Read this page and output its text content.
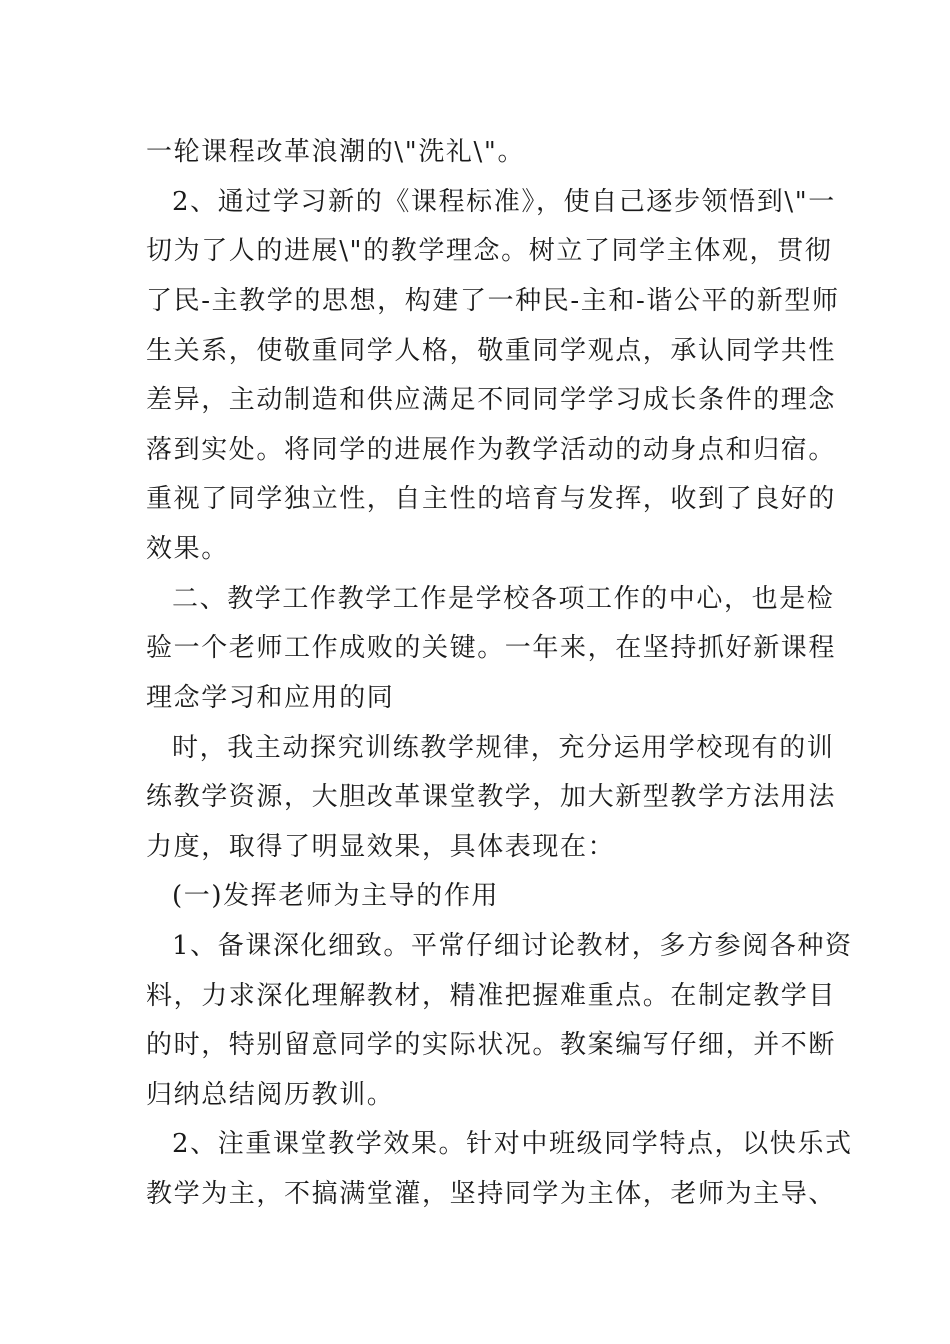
一轮课程改革浪潮的\"洗礼\"。
2、通过学习新的《课程标准》，使自己逐步领悟到\"一
切为了人的进展\"的教学理念。树立了同学主体观，贯彻
了民-主教学的思想，构建了一种民-主和-谐公平的新型师
生关系，使敬重同学人格，敬重同学观点，承认同学共性
差异，主动制造和供应满足不同同学学习成长条件的理念
落到实处。将同学的进展作为教学活动的动身点和归宿。
重视了同学独立性，自主性的培育与发挥，收到了良好的
效果。
二、教学工作教学工作是学校各项工作的中心，也是检
验一个老师工作成败的关键。一年来，在坚持抓好新课程
理念学习和应用的同
时，我主动探究训练教学规律，充分运用学校现有的训
练教学资源，大胆改革课堂教学，加大新型教学方法用法
力度，取得了明显效果，具体表现在：
(一)发挥老师为主导的作用
1、备课深化细致。平常仔细讨论教材，多方参阅各种资
料，力求深化理解教材，精准把握难重点。在制定教学目
的时，特别留意同学的实际状况。教案编写仔细，并不断
归纳总结阅历教训。
2、注重课堂教学效果。针对中班级同学特点，以快乐式
教学为主，不搞满堂灌，坚持同学为主体，老师为主导、
